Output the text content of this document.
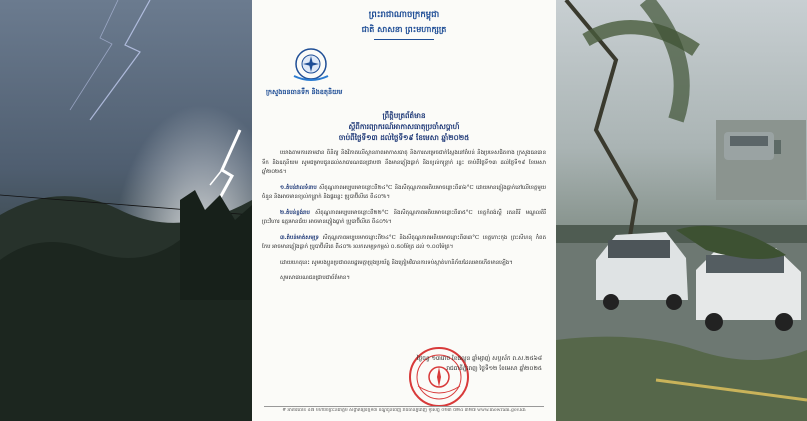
ព្រះរាជាណាចក្រកម្ពុជា
ជាតិ សាសនា ព្រះមហាក្សត្រ
ក្រសួងធនធានទឹក និងឧតុនិយម
ព្រឹត្តិបត្រព័ត៌មាន
ស្តីពីការព្យាករណ៍អាកាសធាតុប្រចាំសប្តាហ៍
ចាប់ពីថ្ងៃទី១៣ ដល់ថ្ងៃទី១៩ ខែមេសា ឆ្នាំ២០២៥
យោងតាមការតាមដាន ពិនិត្យ និងវិភាគលើស្ថានភាពអាកាសធាតុ និងការសម្រេចជាក់ស្តែងនៅតំបន់ និងប្រទេសជិតខាង ក្រសួងធនធានទឹក និងឧតុនិយម សូមជម្រាបជូនដល់សាធារណជនជ្រាបថា នឹងមានភ្លៀងធ្លាក់ និងខ្យល់កន្ត្រាក់ រន្ទះ ចាប់ពីថ្ងៃទី១៣ ដល់ថ្ងៃទី១៩ ខែមេសា ឆ្នាំ២០២៥។
១.តំបន់វាលទំនាប សីតុណ្ហភាពអប្បបរមាចន្លោះពី២៤°C និងសីតុណ្ហភាពអតិបរមាចន្លោះពី៣៦°C ដោយមានភ្លៀងធ្លាក់នៅលើខេត្តមួយចំនួន និងអាចមានខ្យល់កន្ត្រាក់ និងផ្គររន្ទះ ប្រូបាប៊ីលីតេ ពី៤០%។
២.តំបន់ខ្ពង់រាប សីតុណ្ហភាពអប្បបរមាចន្លោះពី២២°C និងសីតុណ្ហភាពអតិបរមាចន្លោះពី៣៥°C ខេត្តកំពង់ស្ពឺ រតនគិរី មណ្ឌលគិរី ព្រះវិហារ ឧត្តរមានជ័យ អាចមានភ្លៀងធ្លាក់ ប្រូបាប៊ីលីតេ ពី៤០%។
៣.តំបន់មាត់សមុទ្រ សីតុណ្ហភាពអប្បបរមាចន្លោះពី២៤°C និងសីតុណ្ហភាពអតិបរមាចន្លោះពី៣៣°C ខេត្តកោះកុង ព្រះសីហនុ កំពត កែប អាចមានភ្លៀងធ្លាក់ ប្រូបាប៊ីលីតេ ពី៤០% រលកសមុទ្រកម្ពស់ ០.៥០ម៉ែត្រ ដល់ ១.០០ម៉ែត្រ។
ដោយហេតុនេះ សូមបងប្អូនប្រជាពលរដ្ឋមេត្តាប្រុងប្រយ័ត្ន និងត្រៀមវិធានការទប់ស្កាត់ហានិភ័យដែលអាចកើតមានឡើង។
សូមសាធារណជនជ្រាបជាព័ត៌មាន។
ថ្ងៃចន្ទ ១៣រោច ខែផល្គុន ឆ្នាំម្សាញ់ សប្តស័ក ព.ស.២៥៦៨
រាជធានីភ្នំពេញ ថ្ងៃទី១២ ខែមេសា ឆ្នាំ២០២៥
# អាគារលេខ ៤៧ មហាវិថីព្រះនរោត្តម សង្កាត់ផ្សារថ្មីទី៣ ខណ្ឌដូនពេញ រាជធានីភ្នំពេញ ទូរស័ព្ទ ០២៣ ៧២៤ ៣២៧ www.mowram.gov.kh
